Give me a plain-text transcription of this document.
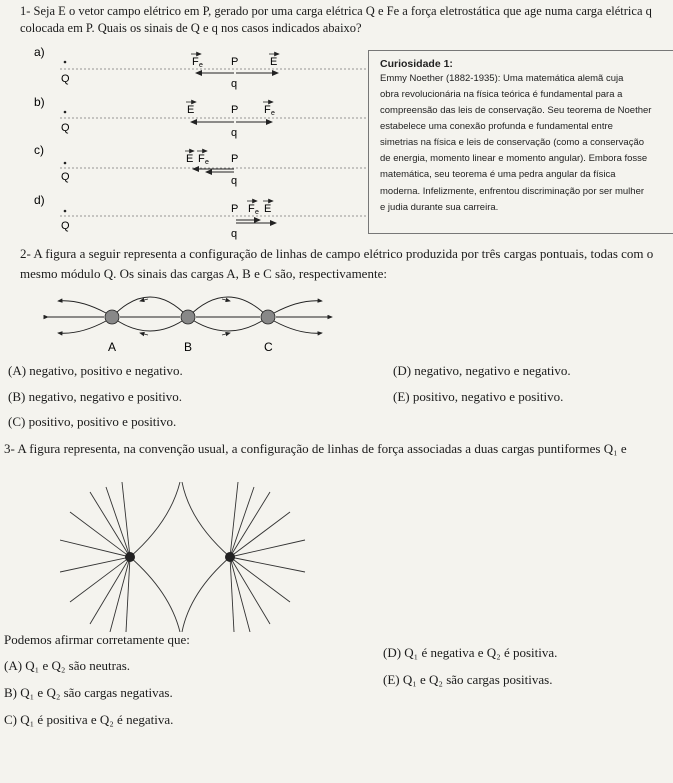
1- Seja E o vetor campo elétrico em P, gerado por uma carga elétrica Q e Fe a força eletrostática que age numa carga elétrica q
colocada em P. Quais os sinais de Q e q nos casos indicados abaixo?
a)
Q
F e	P	E
q
b)
Q
E	P F e
q
c)
Q
E F e P
q
d)
Q
P F e E
q
Curiosidade 1:
Emmy Noether (1882-1935): Uma matemática alemã cuja
obra revolucionária na física teórica é fundamental para a
compreensão das leis de conservação. Seu teorema de Noether
estabelece uma conexão profunda e fundamental entre
simetrias na física e leis de conservação (como a conservação
de energia, momento linear e momento angular). Embora fosse
matemática, seu teorema é uma pedra angular da física
moderna. Infelizmente, enfrentou discriminação por ser mulher
e judia durante sua carreira.
2- A figura a seguir representa a configuração de linhas de campo elétrico produzida por três cargas pontuais, todas com o
mesmo módulo Q. Os sinais das cargas A, B e C são, respectivamente:
A	B	C
(A) negativo, positivo e negativo.
(B) negativo, negativo e positivo.
(C) positivo, positivo e positivo.
(D) negativo, negativo e negativo.
(E) positivo, negativo e positivo.
3- A figura representa, na convenção usual, a configuração de linhas de força associadas a duas cargas puntiformes Q₁ e
Podemos afirmar corretamente que:
(A) Q₁ e Q₂ são neutras.
B) Q₁ e Q₂ são cargas negativas.
C) Q₁ é positiva e Q₂ é negativa.
(D) Q₁ é negativa e Q₂ é positiva.
(E) Q₁ e Q₂ são cargas positivas.
